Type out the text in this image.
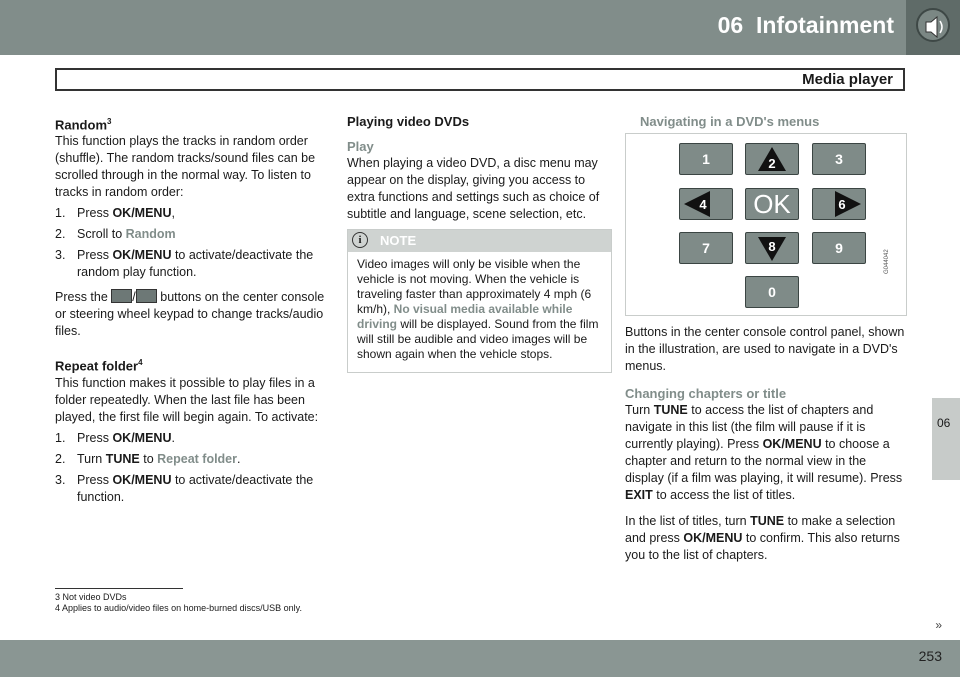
06 Infotainment
Media player
Random$^3$

This function plays the tracks in random order (shuffle). The random tracks/sound files can be scrolled through in the normal way. To listen to tracks in random order:

1. Press OK/MENU,
2. Scroll to Random
3. Press OK/MENU to activate/deactivate the random play function.

Press the / buttons on the center console or steering wheel keypad to change tracks/audio files.

Repeat folder$^4$

This function makes it possible to play files in a folder repeatedly. When the last file has been played, the first file will begin again. To activate:

1. Press OK/MENU.
2. Turn TUNE to Repeat folder.
3. Press OK/MENU to activate/deactivate the function.
Playing video DVDs
Play

When playing a video DVD, a disc menu may appear on the display, giving you access to extra functions and settings such as choice of subtitle and language, scene selection, etc.

i	NOTE
Video images will only be visible when the vehicle is not moving. When the vehicle is traveling faster than approximately 4 mph (6 km/h), No visual media available while driving will be displayed. Sound from the film will still be audible and video images will be shown again when the vehicle stops.
Navigating in a DVD's menus
1	2	3
4	OK	6
7	8	9
0
G044042

Buttons in the center console control panel, shown in the illustration, are used to navigate in a DVD's menus.

Changing chapters or title

Turn TUNE to access the list of chapters and navigate in this list (the film will pause if it is currently playing). Press OK/MENU to choose a chapter and return to the normal view in the display (if a film was playing, it will resume). Press EXIT to access the list of titles.

In the list of titles, turn TUNE to make a selection and press OK/MENU to confirm. This also returns you to the list of chapters.

3 Not video DVDs
4 Applies to audio/video files on home-burned discs/USB only.
06
»
253
